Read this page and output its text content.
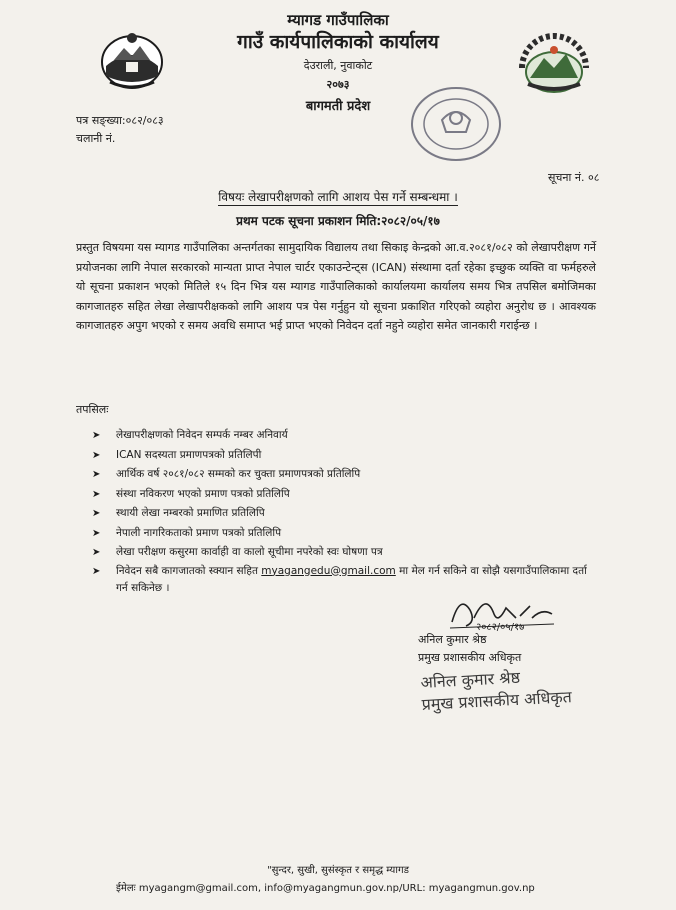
म्यागड गाउँपालिका
गाउँ कार्यपालिकाको कार्यालय
देउराली, नुवाकोट
२०७३
बागमती प्रदेश
पत्र सङ्ख्या:०८२/०८३
चलानी नं.
सूचना नं. ०८
विषयः लेखापरीक्षणको लागि आशय पेस गर्ने सम्बन्धमा ।
प्रथम पटक सूचना प्रकाशन मिति:२०८२/०५/१७

प्रस्तुत विषयमा यस म्यागड गाउँपालिका अन्तर्गतका सामुदायिक विद्यालय तथा सिकाइ केन्द्रको आ.व.२०८१/०८२ को लेखापरीक्षण गर्ने प्रयोजनका लागि नेपाल सरकारको मान्यता प्राप्त नेपाल चार्टर एकाउन्टेन्ट्स (ICAN) संस्थामा दर्ता रहेका इच्छुक व्यक्ति वा फर्महरुले यो सूचना प्रकाशन भएको मितिले १५ दिन भित्र यस म्यागड गाउँपालिकाको कार्यालयमा कार्यालय समय भित्र तपसिल बमोजिमका कागजातहरु सहित लेखा लेखापरीक्षकको लागि आशय पत्र पेस गर्नुहुन यो सूचना प्रकाशित गरिएको व्यहोरा अनुरोध छ । आवश्यक कागजातहरु अपुग भएको र समय अवधि समाप्त भई प्राप्त भएको निवेदन दर्ता नहुने व्यहोरा समेत जानकारी गराईन्छ ।

तपसिलः
➤ लेखापरीक्षणको निवेदन सम्पर्क नम्बर अनिवार्य
➤ ICAN सदस्यता प्रमाणपत्रको प्रतिलिपी
➤ आर्थिक वर्ष २०८१/०८२ सम्मको कर चुक्ता प्रमाणपत्रको प्रतिलिपि
➤ संस्था नविकरण भएको प्रमाण पत्रको प्रतिलिपि
➤ स्थायी लेखा नम्बरको प्रमाणित प्रतिलिपि
➤ नेपाली नागरिकताको प्रमाण पत्रको प्रतिलिपि
➤ लेखा परीक्षण कसुरमा कार्वाही वा कालो सूचीमा नपरेको स्वः घोषणा पत्र
➤ निवेदन सबै कागजातको स्क्यान सहित myagangedu@gmail.com मा मेल गर्न सकिने वा सोझै यसगाउँपालिकामा दर्ता गर्न सकिनेछ ।
२०८२/०५/१७
अनिल कुमार श्रेष्ठ
प्रमुख प्रशासकीय अधिकृत
अनिल कुमार श्रेष्ठ
प्रमुख प्रशासकीय अधिकृत
"सुन्दर, सुखी, सुसंस्कृत र समृद्ध म्यागड
ईमेलः myagangm@gmail.com, info@myagangmun.gov.np/URL: myagangmun.gov.np
